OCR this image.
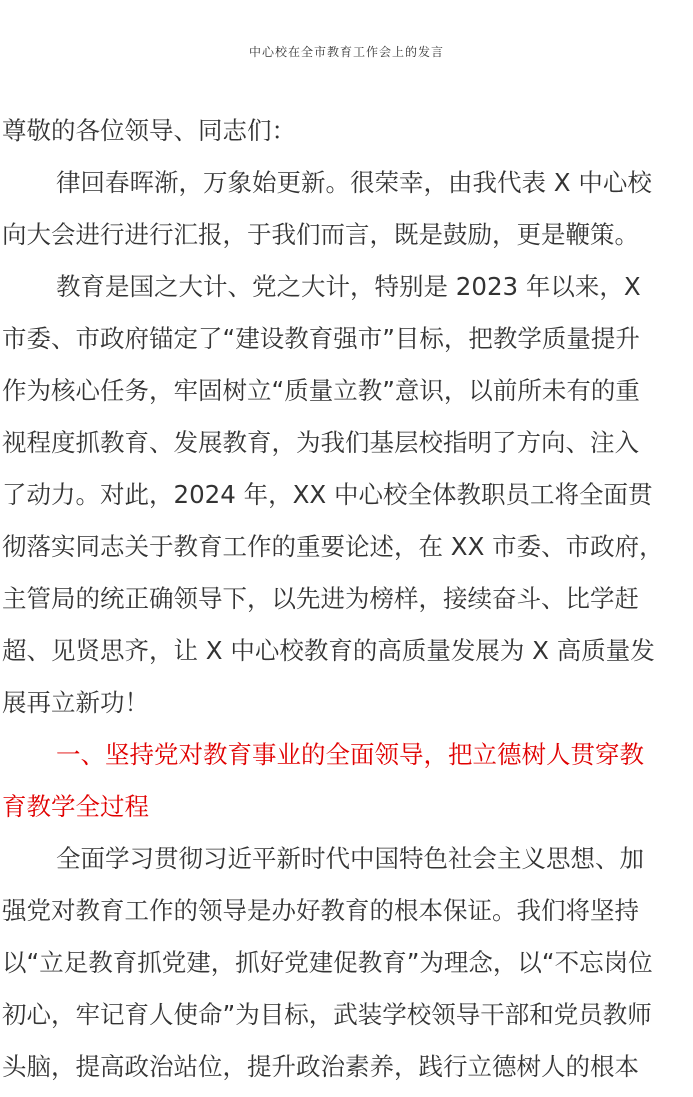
中心校在全市教育工作会上的发言
尊敬的各位领导、同志们：
律回春晖渐，万象始更新。很荣幸，由我代表 X 中心校
向大会进行进行汇报，于我们而言，既是鼓励，更是鞭策。
教育是国之大计、党之大计，特别是 2023 年以来，X
市委、市政府锚定了“建设教育强市”目标，把教学质量提升
作为核心任务，牢固树立“质量立教”意识，以前所未有的重
视程度抓教育、发展教育，为我们基层校指明了方向、注入
了动力。对此，2024 年，XX 中心校全体教职员工将全面贯
彻落实同志关于教育工作的重要论述，在 XX 市委、市政府，
主管局的统正确领导下，以先进为榜样，接续奋斗、比学赶
超、见贤思齐，让 X 中心校教育的高质量发展为 X 高质量发
展再立新功！
一、坚持党对教育事业的全面领导，把立德树人贯穿教
育教学全过程
全面学习贯彻习近平新时代中国特色社会主义思想、加
强党对教育工作的领导是办好教育的根本保证。我们将坚持
以“立足教育抓党建，抓好党建促教育”为理念，以“不忘岗位
初心，牢记育人使命”为目标，武装学校领导干部和党员教师
头脑，提高政治站位，提升政治素养，践行立德树人的根本
